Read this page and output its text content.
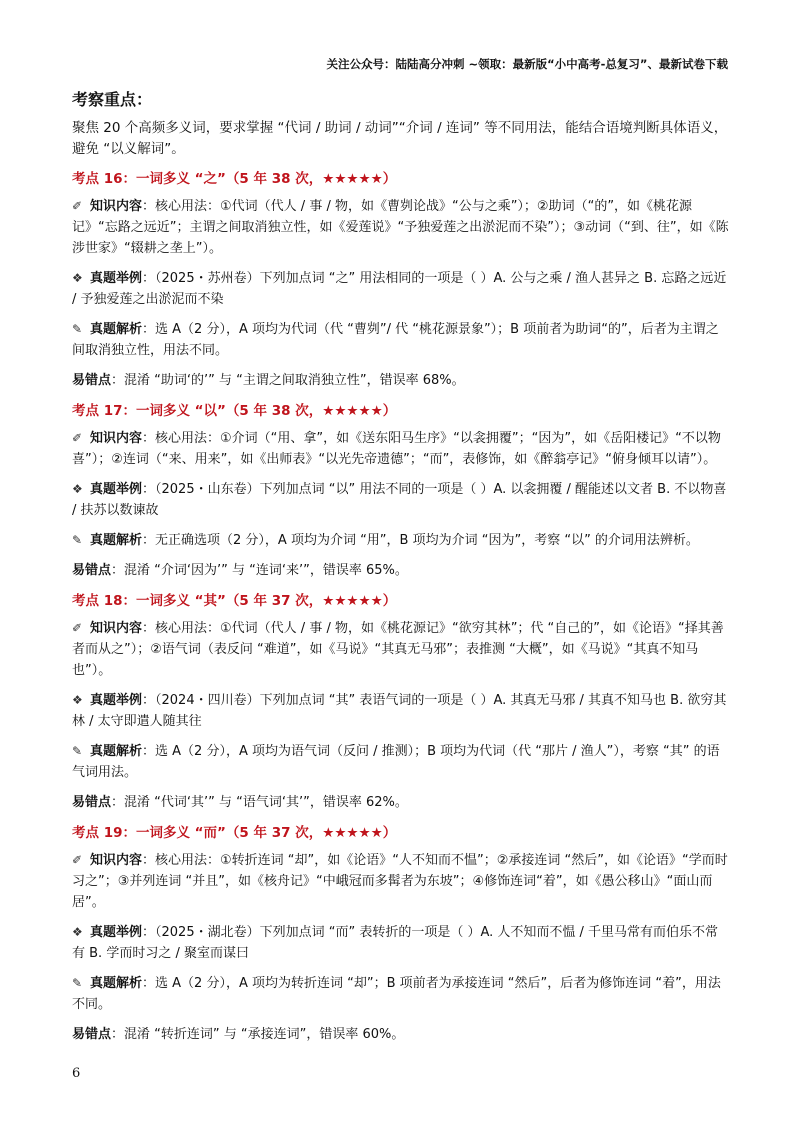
关注公众号：陆陆高分冲刺 ~领取：最新版“小中高考-总复习”、最新试卷下载
考察重点：

聚焦 20 个高频多义词，要求掌握 “代词 / 助词 / 动词”“介词 / 连词” 等不同用法，能结合语境判断具体语义，避免 “以义解词”。

考点 16：一词多义 “之”（5 年 38 次，★★★★★）

✐ 知识内容：核心用法：①代词（代人 / 事 / 物，如《曹刿论战》“公与之乘”）；②助词（“的”，如《桃花源记》“忘路之远近”；主谓之间取消独立性，如《爱莲说》“予独爱莲之出淤泥而不染”）；③动词（“到、往”，如《陈涉世家》“辍耕之垄上”）。

❖ 真题举例：（2025・苏州卷）下列加点词 “之” 用法相同的一项是（ ）A. 公与之乘 / 渔人甚异之 B. 忘路之远近 / 予独爱莲之出淤泥而不染

✎ 真题解析：选 A（2 分），A 项均为代词（代 “曹刿”/ 代 “桃花源景象”）；B 项前者为助词“的”，后者为主谓之间取消独立性，用法不同。

易错点：混淆 “助词‘的’” 与 “主谓之间取消独立性”，错误率 68%。

考点 17：一词多义 “以”（5 年 38 次，★★★★★）

✐ 知识内容：核心用法：①介词（“用、拿”，如《送东阳马生序》“以衾拥覆”；“因为”，如《岳阳楼记》“不以物喜”）；②连词（“来、用来”，如《出师表》“以光先帝遗德”；“而”，表修饰，如《醉翁亭记》“俯身倾耳以请”）。

❖ 真题举例：（2025・山东卷）下列加点词 “以” 用法不同的一项是（ ）A. 以衾拥覆 / 醒能述以文者 B. 不以物喜 / 扶苏以数谏故

✎ 真题解析：无正确选项（2 分），A 项均为介词 “用”，B 项均为介词 “因为”，考察 “以” 的介词用法辨析。

易错点：混淆 “介词‘因为’” 与 “连词‘来’”，错误率 65%。

考点 18：一词多义 “其”（5 年 37 次，★★★★★）

✐ 知识内容：核心用法：①代词（代人 / 事 / 物，如《桃花源记》“欲穷其林”；代 “自己的”，如《论语》“择其善者而从之”）；②语气词（表反问 “难道”，如《马说》“其真无马邪”；表推测 “大概”，如《马说》“其真不知马也”）。

❖ 真题举例：（2024・四川卷）下列加点词 “其” 表语气词的一项是（ ）A. 其真无马邪 / 其真不知马也 B. 欲穷其林 / 太守即遣人随其往

✎ 真题解析：选 A（2 分），A 项均为语气词（反问 / 推测）；B 项均为代词（代 “那片 / 渔人”），考察 “其” 的语气词用法。

易错点：混淆 “代词‘其’” 与 “语气词‘其’”，错误率 62%。

考点 19：一词多义 “而”（5 年 37 次，★★★★★）

✐ 知识内容：核心用法：①转折连词 “却”，如《论语》“人不知而不愠”；②承接连词 “然后”，如《论语》“学而时习之”；③并列连词 “并且”，如《核舟记》“中峨冠而多髯者为东坡”；④修饰连词“着”，如《愚公移山》“面山而居”。

❖ 真题举例：（2025・湖北卷）下列加点词 “而” 表转折的一项是（ ）A. 人不知而不愠 / 千里马常有而伯乐不常有 B. 学而时习之 / 聚室而谋曰

✎ 真题解析：选 A（2 分），A 项均为转折连词 “却”；B 项前者为承接连词 “然后”，后者为修饰连词 “着”，用法不同。

易错点：混淆 “转折连词” 与 “承接连词”，错误率 60%。

6
